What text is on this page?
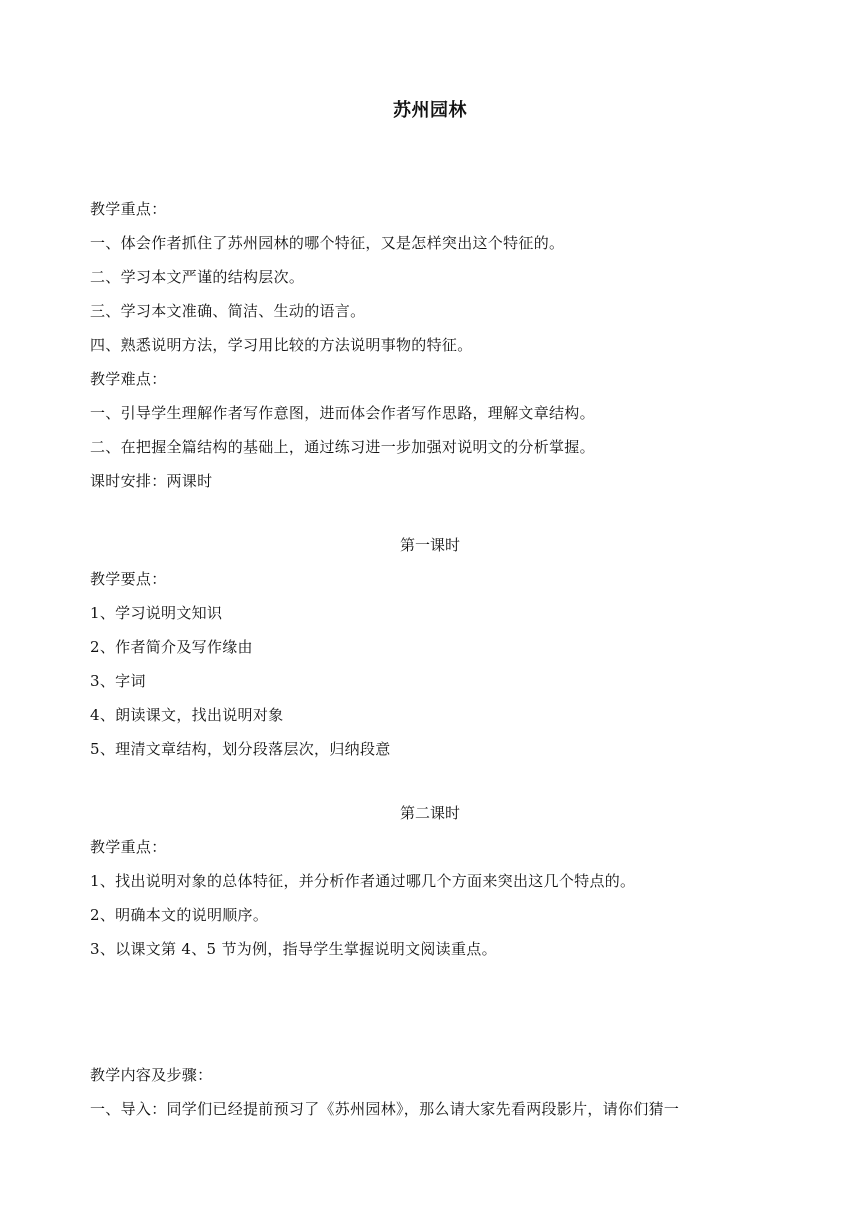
苏州园林
教学重点：
一、体会作者抓住了苏州园林的哪个特征，又是怎样突出这个特征的。
二、学习本文严谨的结构层次。
三、学习本文准确、简洁、生动的语言。
四、熟悉说明方法，学习用比较的方法说明事物的特征。
教学难点：
一、引导学生理解作者写作意图，进而体会作者写作思路，理解文章结构。
二、在把握全篇结构的基础上，通过练习进一步加强对说明文的分析掌握。
课时安排：两课时
第一课时
教学要点：
1、学习说明文知识
2、作者简介及写作缘由
3、字词
4、朗读课文，找出说明对象
5、理清文章结构，划分段落层次，归纳段意
第二课时
教学重点：
1、找出说明对象的总体特征，并分析作者通过哪几个方面来突出这几个特点的。
2、明确本文的说明顺序。
3、以课文第 4、5 节为例，指导学生掌握说明文阅读重点。
教学内容及步骤：
一、导入：同学们已经提前预习了《苏州园林》，那么请大家先看两段影片，请你们猜一
